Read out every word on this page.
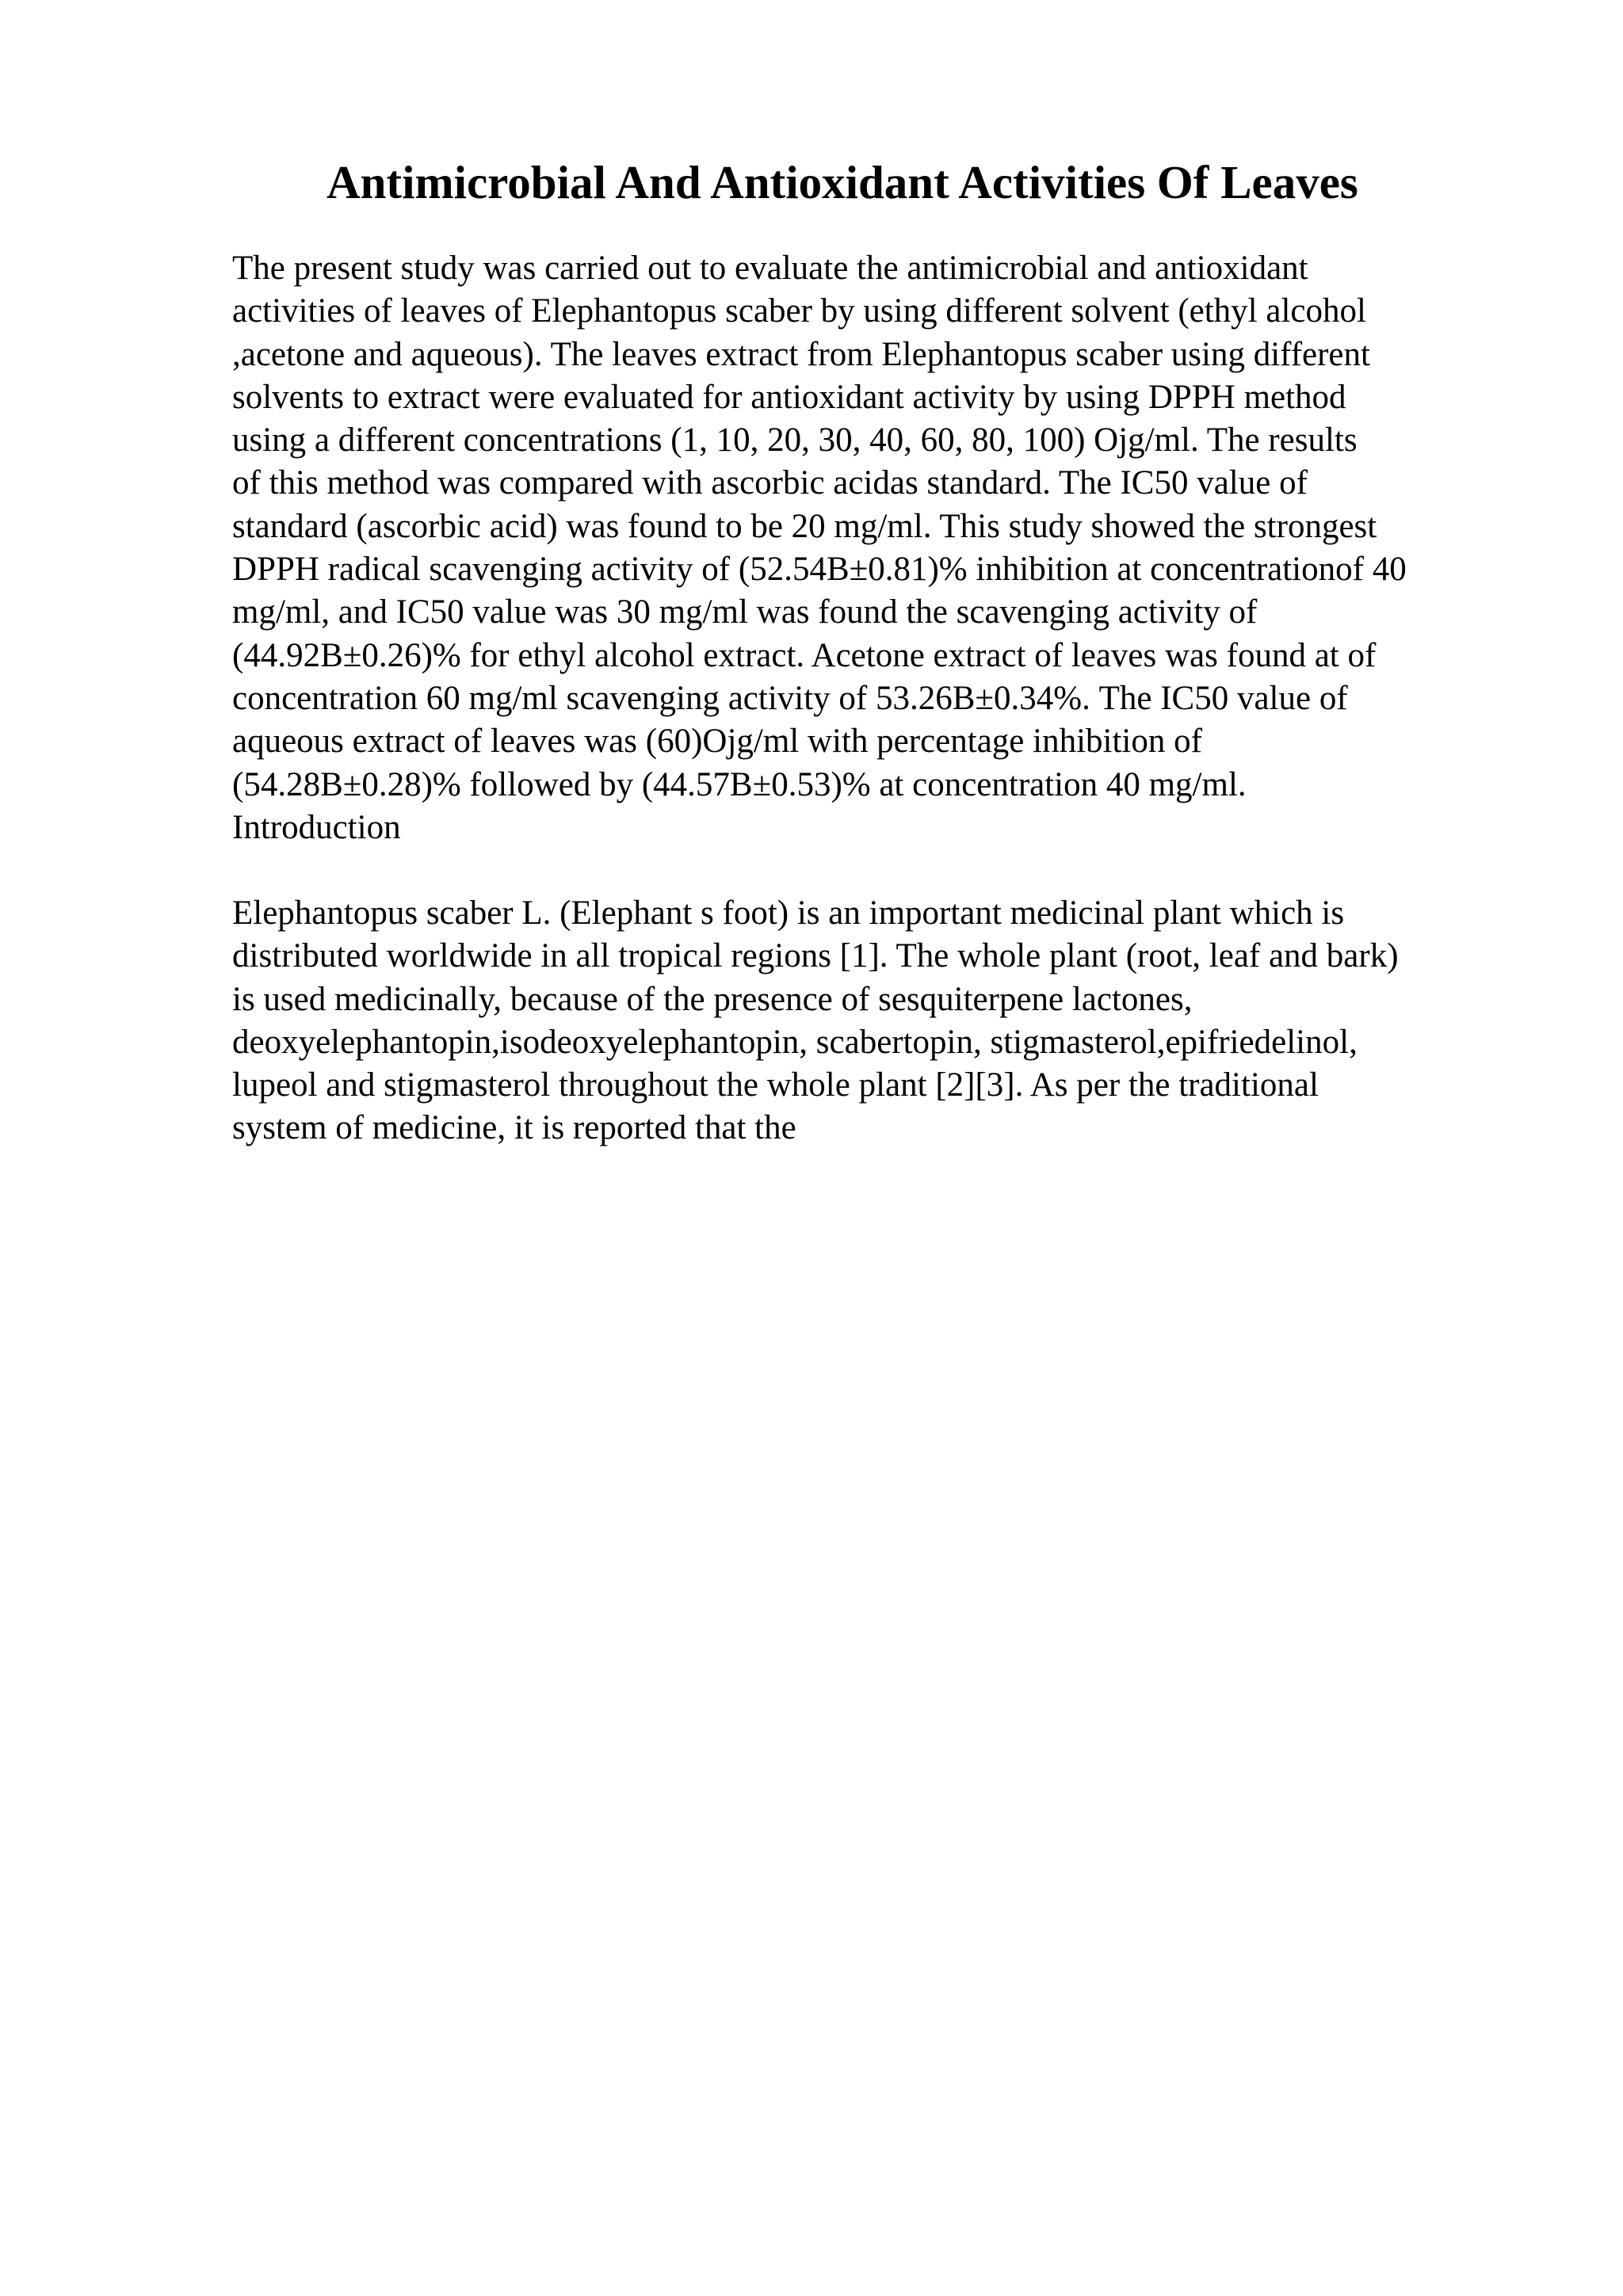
Antimicrobial And Antioxidant Activities Of Leaves
The present study was carried out to evaluate the antimicrobial and antioxidant
activities of leaves of Elephantopus scaber by using different solvent (ethyl alcohol
,acetone and aqueous). The leaves extract from Elephantopus scaber using different
solvents to extract were evaluated for antioxidant activity by using DPPH method
using a different concentrations (1, 10, 20, 30, 40, 60, 80, 100) Ојg/ml. The results
of this method was compared with ascorbic acidas standard. The IC50 value of
standard (ascorbic acid) was found to be 20 mg/ml. This study showed the strongest
DPPH radical scavenging activity of (52.54В±0.81)% inhibition at concentrationof 40
mg/ml, and IC50 value was 30 mg/ml was found the scavenging activity of
(44.92В±0.26)% for ethyl alcohol extract. Acetone extract of leaves was found at of
concentration 60 mg/ml scavenging activity of 53.26В±0.34%. The IC50 value of
aqueous extract of leaves was (60)Ојg/ml with percentage inhibition of
(54.28В±0.28)% followed by (44.57В±0.53)% at concentration 40 mg/ml.
Introduction
Elephantopus scaber L. (Elephant s foot) is an important medicinal plant which is
distributed worldwide in all tropical regions [1]. The whole plant (root, leaf and bark)
is used medicinally, because of the presence of sesquiterpene lactones,
deoxyelephantopin,isodeoxyelephantopin, scabertopin, stigmasterol,epifriedelinol,
lupeol and stigmasterol throughout the whole plant [2][3]. As per the traditional
system of medicine, it is reported that the
